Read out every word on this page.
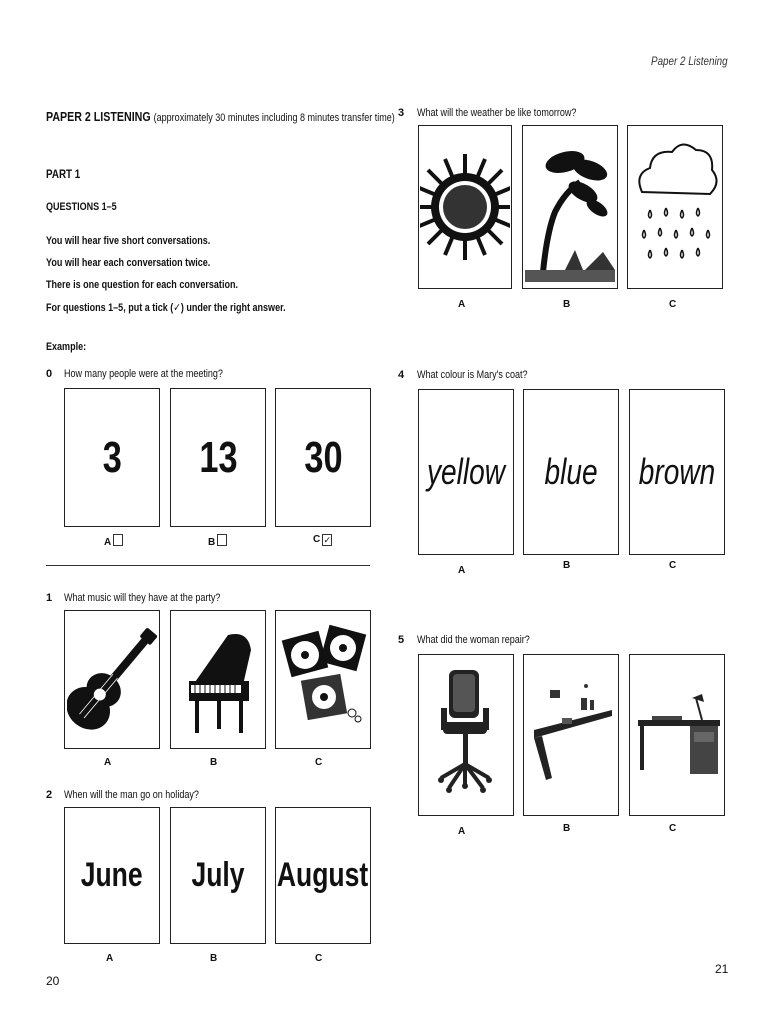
Paper 2 Listening
PAPER 2 LISTENING (approximately 30 minutes including 8 minutes transfer time)
PART 1
QUESTIONS 1–5
You will hear five short conversations.
You will hear each conversation twice.
There is one question for each conversation.
For questions 1–5, put a tick (✓) under the right answer.
Example:
0 How many people were at the meeting?
3 13 30
A	B	C ✓
1 What music will they have at the party?
A	B	C
2 When will the man go on holiday?
June July August
A	B	C
3 What will the weather be like tomorrow?
A	B	C
4 What colour is Mary's coat?
yellow blue brown
A	B	C
5 What did the woman repair?
A	B	C
20
21
